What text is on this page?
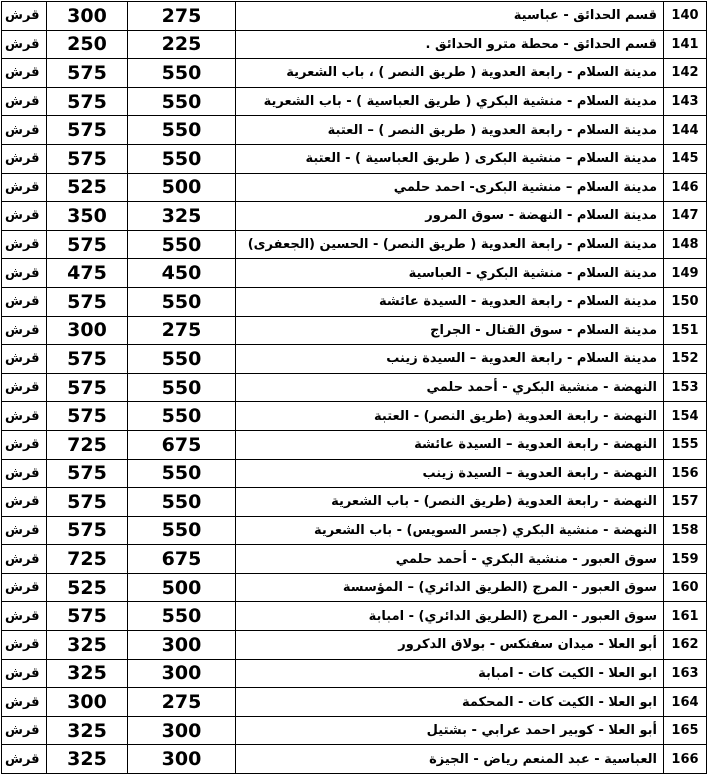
قرش	300	275	قسم الحدائق - عباسية	140
قرش	250	225	قسم الحدائق - محطة مترو الحدائق .	141
قرش	575	550	مدينة السلام - رابعة العدوية ( طريق النصر ) ، باب الشعرية	142
قرش	575	550	مدينة السلام - منشية البكري ( طريق العباسية ) - باب الشعرية	143
قرش	575	550	مدينة السلام - رابعة العدوية ( طريق النصر ) – العتبة	144
قرش	575	550	مدينة السلام – منشية البكرى ( طريق العباسية ) - العتبة	145
قرش	525	500	مدينة السلام – منشية البكرى- احمد حلمي	146
قرش	350	325	مدينة السلام - النهضة - سوق المرور	147
قرش	575	550	مدينة السلام - رابعة العدوية ( طريق النصر) - الحسين (الجعفرى)	148
قرش	475	450	مدينة السلام - منشية البكري - العباسية	149
قرش	575	550	مدينة السلام - رابعة العدوية - السيدة عائشة	150
قرش	300	275	مدينة السلام - سوق القنال - الجراج	151
قرش	575	550	مدينة السلام - رابعة العدوية – السيدة زينب	152
قرش	575	550	النهضة - منشية البكري - أحمد حلمي	153
قرش	575	550	النهضة - رابعة العدوية (طريق النصر) - العتبة	154
قرش	725	675	النهضة - رابعة العدوية – السيدة عائشة	155
قرش	575	550	النهضة - رابعة العدوية – السيدة زينب	156
قرش	575	550	النهضة - رابعة العدوية (طريق النصر) - باب الشعرية	157
قرش	575	550	النهضة - منشية البكري (جسر السويس) - باب الشعرية	158
قرش	725	675	سوق العبور - منشية البكري - أحمد حلمي	159
قرش	525	500	سوق العبور - المرج (الطريق الدائري) – المؤسسة	160
قرش	575	550	سوق العبور - المرج (الطريق الدائري) - امبابة	161
قرش	325	300	أبو العلا - ميدان سفنكس - بولاق الدكرور	162
قرش	325	300	ابو العلا - الكيت كات - امبابة	163
قرش	300	275	ابو العلا - الكيت كات - المحكمة	164
قرش	325	300	أبو العلا - كوبير احمد عرابي - بشتيل	165
قرش	325	300	العباسية - عبد المنعم رياض - الجيزة	166
